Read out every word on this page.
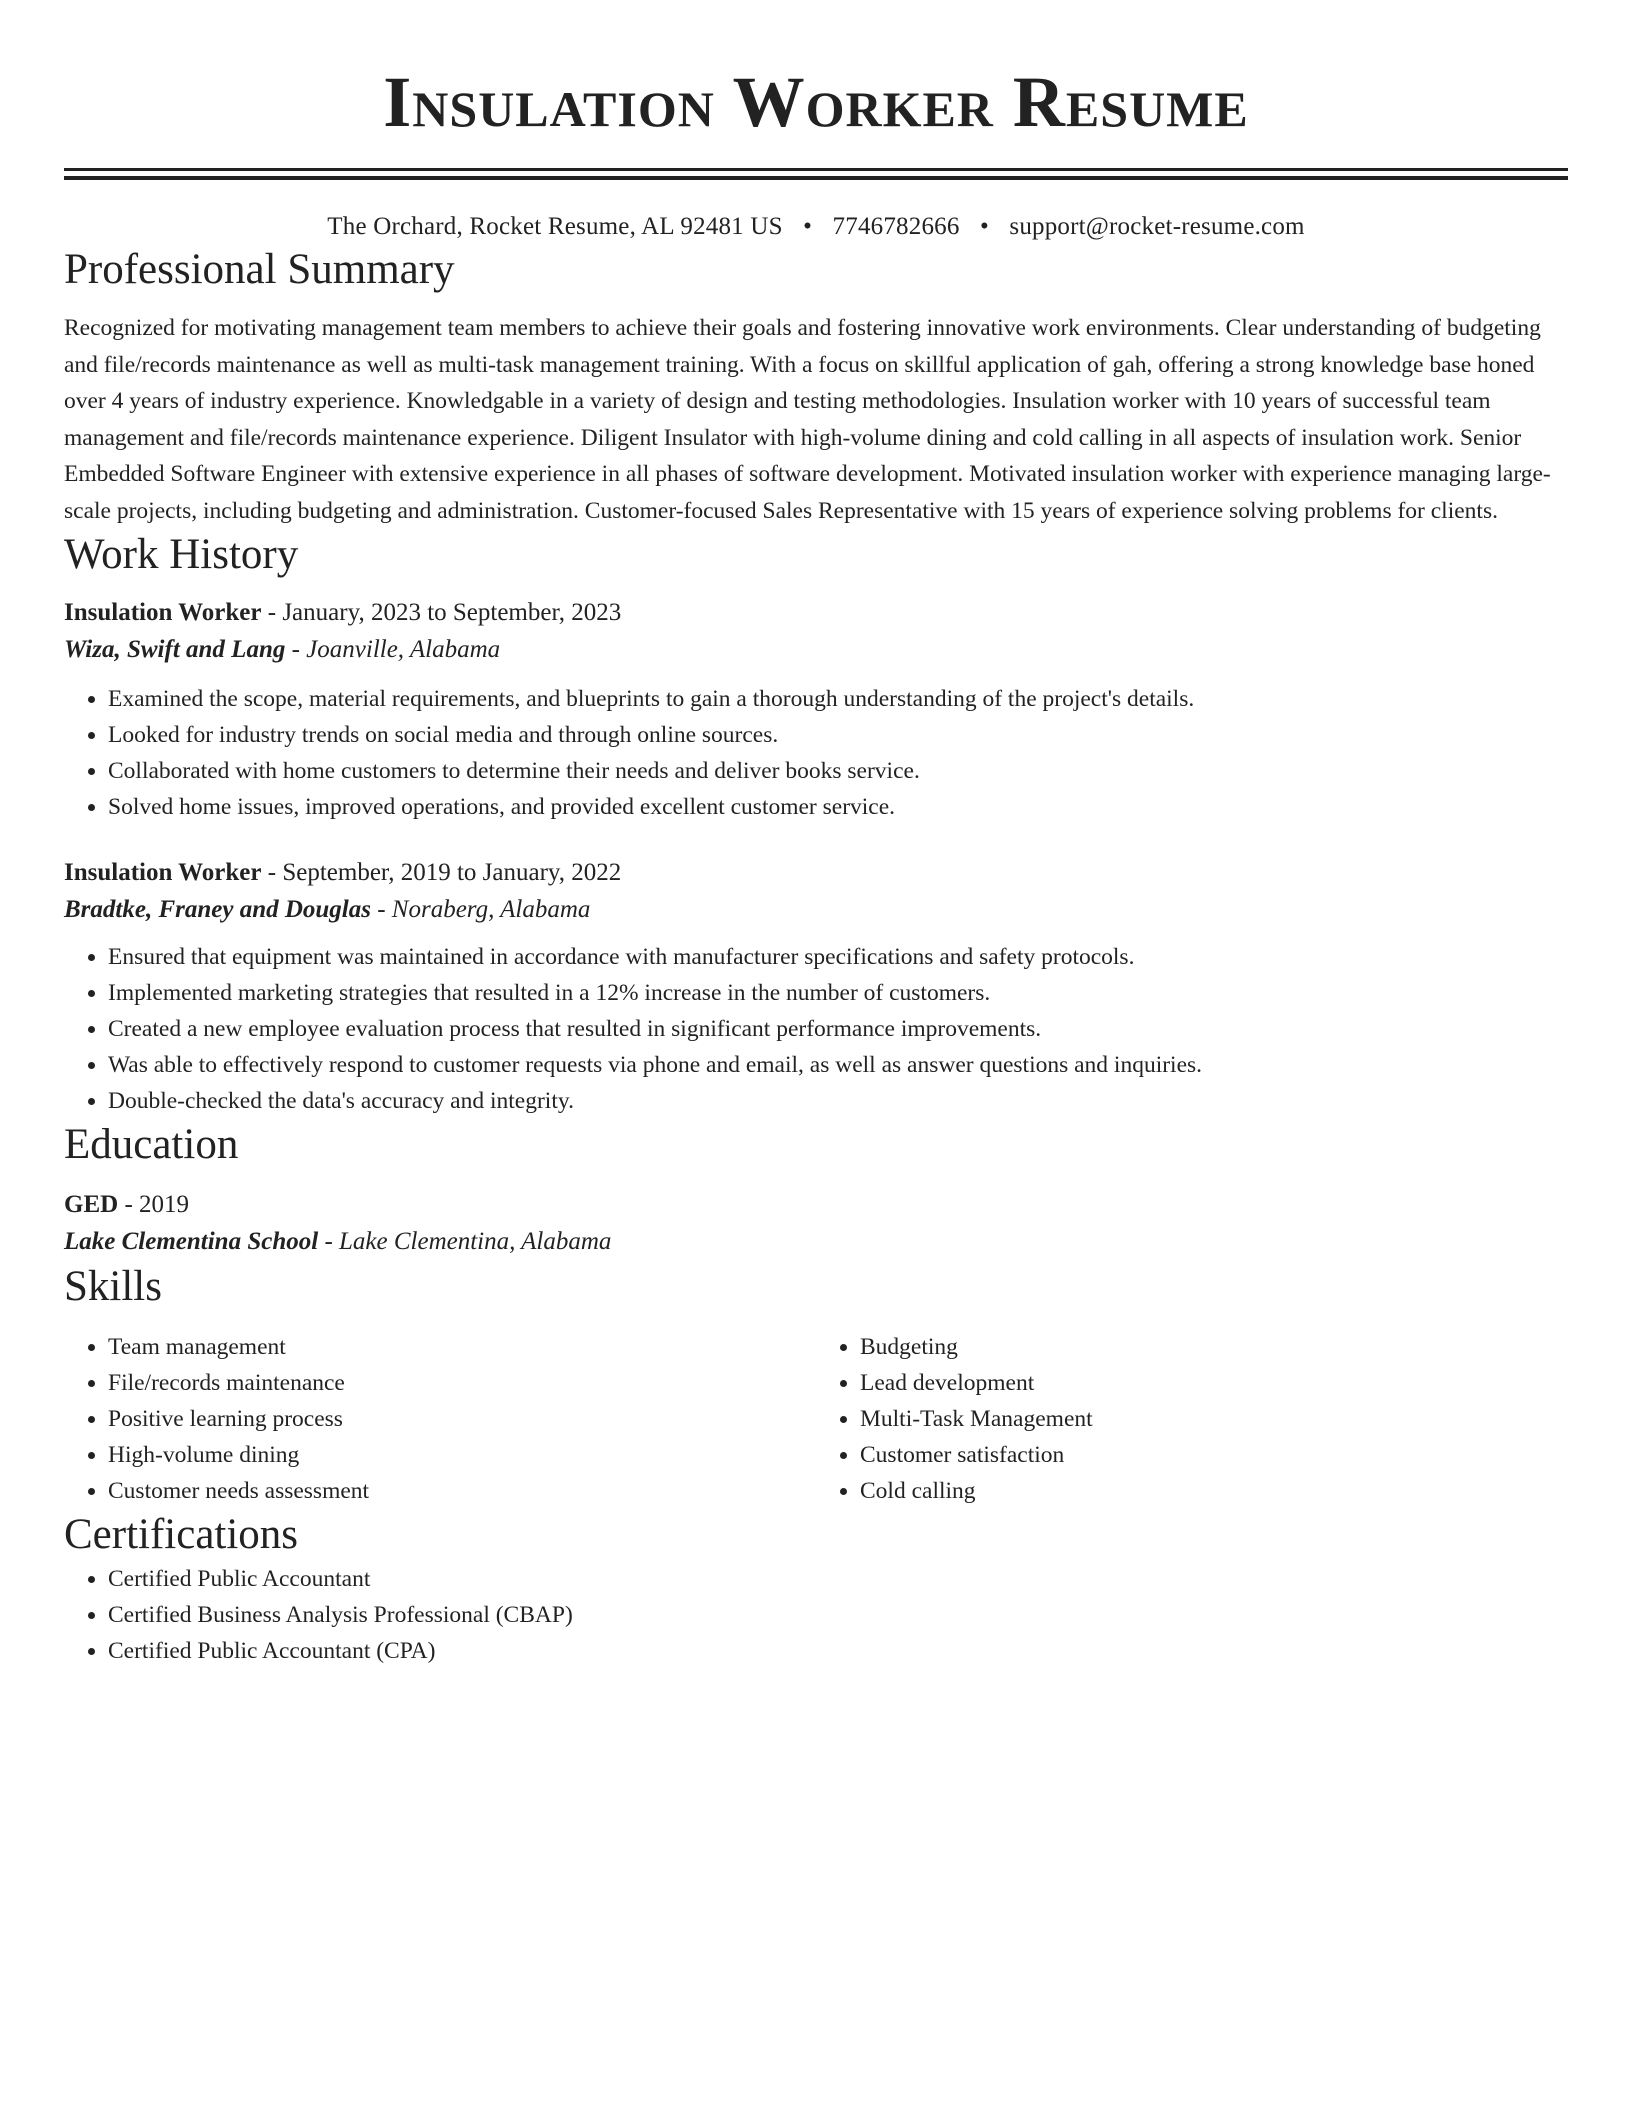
Insulation Worker Resume
The Orchard, Rocket Resume, AL 92481 US • 7746782666 • support@rocket-resume.com
Professional Summary
Recognized for motivating management team members to achieve their goals and fostering innovative work environments. Clear understanding of budgeting and file/records maintenance as well as multi-task management training. With a focus on skillful application of gah, offering a strong knowledge base honed over 4 years of industry experience. Knowledgable in a variety of design and testing methodologies. Insulation worker with 10 years of successful team management and file/records maintenance experience. Diligent Insulator with high-volume dining and cold calling in all aspects of insulation work. Senior Embedded Software Engineer with extensive experience in all phases of software development. Motivated insulation worker with experience managing large-scale projects, including budgeting and administration. Customer-focused Sales Representative with 15 years of experience solving problems for clients.
Work History
Insulation Worker - January, 2023 to September, 2023
Wiza, Swift and Lang - Joanville, Alabama
• Examined the scope, material requirements, and blueprints to gain a thorough understanding of the project's details.
• Looked for industry trends on social media and through online sources.
• Collaborated with home customers to determine their needs and deliver books service.
• Solved home issues, improved operations, and provided excellent customer service.
Insulation Worker - September, 2019 to January, 2022
Bradtke, Franey and Douglas - Noraberg, Alabama
• Ensured that equipment was maintained in accordance with manufacturer specifications and safety protocols.
• Implemented marketing strategies that resulted in a 12% increase in the number of customers.
• Created a new employee evaluation process that resulted in significant performance improvements.
• Was able to effectively respond to customer requests via phone and email, as well as answer questions and inquiries.
• Double-checked the data's accuracy and integrity.
Education
GED - 2019
Lake Clementina School - Lake Clementina, Alabama
Skills
• Team management
• File/records maintenance
• Positive learning process
• High-volume dining
• Customer needs assessment
• Budgeting
• Lead development
• Multi-Task Management
• Customer satisfaction
• Cold calling
Certifications
• Certified Public Accountant
• Certified Business Analysis Professional (CBAP)
• Certified Public Accountant (CPA)
